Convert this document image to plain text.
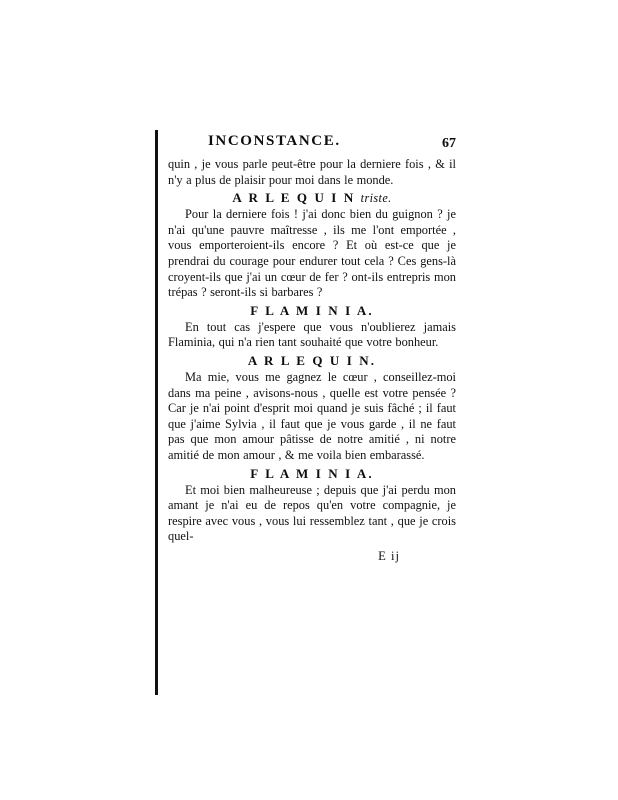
INCONSTANCE.	67

quin , je vous parle peut-être pour la derniere fois , & il n'y a plus de plaisir pour moi dans le monde.

A R L E Q U I N triste.

Pour la derniere fois ! j'ai donc bien du guignon ? je n'ai qu'une pauvre maîtresse , ils me l'ont emportée , vous emporteroient-ils encore ? Et où est-ce que je prendrai du courage pour endurer tout cela ? Ces gens-là croyent-ils que j'ai un cœur de fer ? ont-ils entrepris mon trépas ? seront-ils si barbares ?

F L A M I N I A.

En tout cas j'espere que vous n'oublierez jamais Flaminia, qui n'a rien tant souhaité que votre bonheur.

A R L E Q U I N.

Ma mie, vous me gagnez le cœur , conseillez-moi dans ma peine , avisons-nous , quelle est votre pensée ? Car je n'ai point d'esprit moi quand je suis fâché ; il faut que j'aime Sylvia , il faut que je vous garde , il ne faut pas que mon amour pâtisse de notre amitié , ni notre amitié de mon amour , & me voila bien embarassé.

F L A M I N I A.

Et moi bien malheureuse ; depuis que j'ai perdu mon amant je n'ai eu de repos qu'en votre compagnie, je respire avec vous , vous lui ressemblez tant , que je crois quel-

E ij
